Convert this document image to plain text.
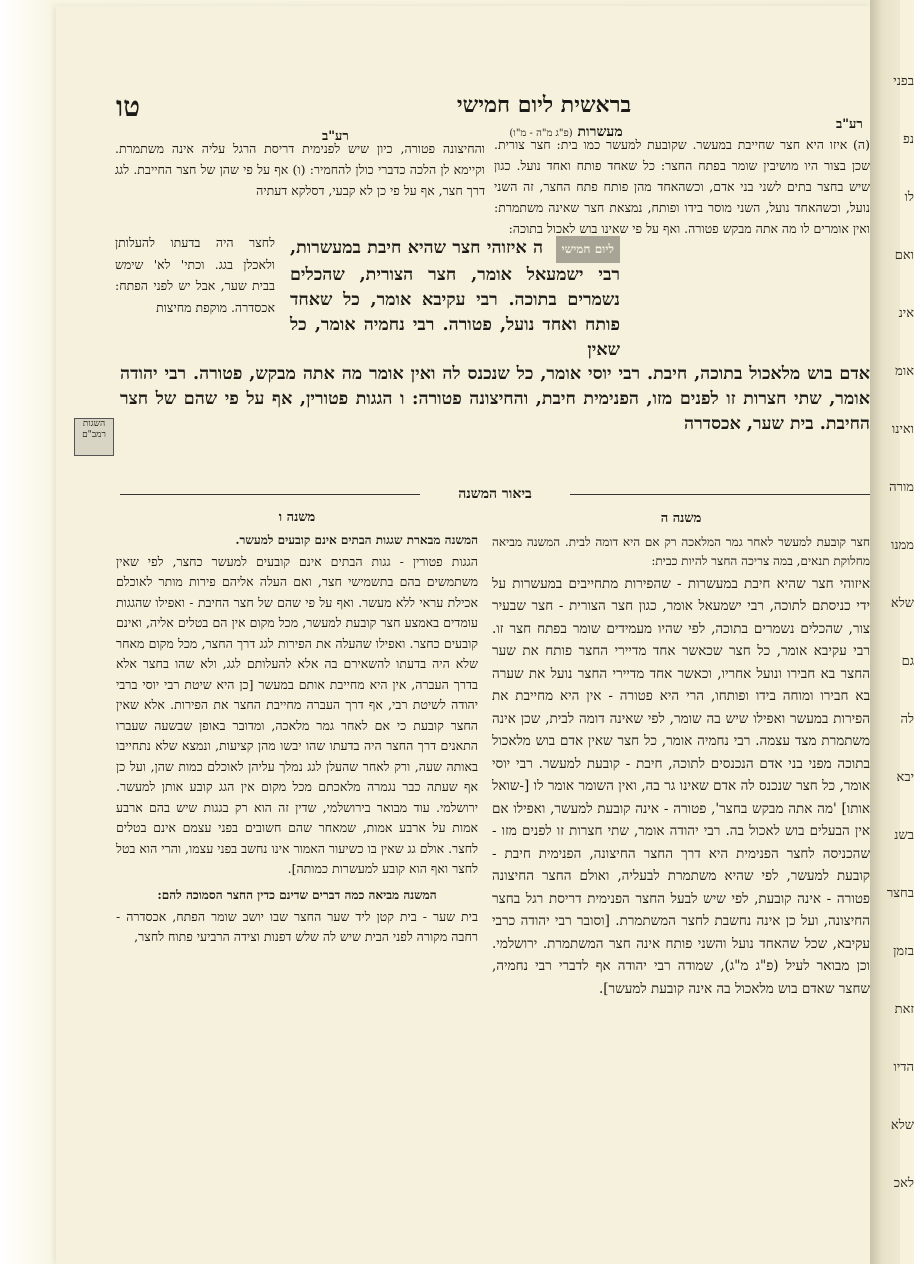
טו	בראשית ליום חמישי
מעשרות (פ"ג מ"ה - מ"ו)
רע"ב
רע"ב
(ה) איזו היא חצר שחייבת במעשר. שקובעת למעשר כמו בית: חצר צורית. שכן בצור היו מושיבין שומר בפתח החצר: כל שאחד פותח ואחד נועל. כגון שיש בחצר בתים לשני בני אדם, וכשהאחד מהן פותח פתח החצר, זה השני נועל, וכשהאחד נועל, השני מוסר בידו ופותח, נמצאת חצר שאינה משתמרת: ואין אומרים לו מה אתה מבקש פטורה. ואף על פי שאינו בוש לאכול בתוכה:
והחיצונה פטורה, כיון שיש לפנימית דריסת הרגל עליה אינה משתמרת. וקיימא לן הלכה כדברי כולן להחמיר: (ו) אף על פי שהן של חצר החייבת. לגג דרך חצר, אף על פי כן לא קבעי, דסלקא דעתיה
לחצר היה בדעתו להעלותן ולאכלן בגג. וכתי' לא' שימש בבית שער, אבל יש לפני הפתח: אכסדרה. מוקפת מחיצות
ליום חמישי ה איזוהי חצר שהיא חיבת במעשרות, רבי ישמעאל אומר, חצר הצורית, שהכלים נשמרים בתוכה. רבי עקיבא אומר, כל שאחד פותח ואחד נועל, פטורה. רבי נחמיה אומר, כל שאין
אדם בוש מלאכול בתוכה, חיבת. רבי יוסי אומר, כל שנכנס לה ואין אומר מה אתה מבקש, פטורה. רבי יהודה אומר, שתי חצרות זו לפנים מזו, הפנימית חיבת, והחיצונה פטורה: ו הגגות פטורין, אף על פי שהם של חצר החיבת. בית שער, אכסדרה
השגות רמב"ם
ביאור המשנה

משנה ה

חצר קובעת למעשר לאחר גמר המלאכה רק אם היא דומה לבית. המשנה מביאה מחלוקת תנאים, במה צריכה החצר להיות כבית:

איזוהי חצר שהיא חיבת במעשרות - שהפירות מתחייבים במעשרות על ידי כניסתם לתוכה, רבי ישמעאל אומר, כגון חצר הצורית - חצר שבעיר צור, שהכלים נשמרים בתוכה, לפי שהיו מעמידים שומר בפתח חצר זו. רבי עקיבא אומר, כל חצר שכאשר אחד מדיירי החצר פותח את שער החצר בא חבירו ונועל אחריו, וכאשר אחד מדיירי החצר נועל את שערה בא חבירו ומוחה בידו ופותחו, הרי היא פטורה - אין היא מחייבת את הפירות במעשר ואפילו שיש בה שומר, לפי שאינה דומה לבית, שכן אינה משתמרת מצד עצמה. רבי נחמיה אומר, כל חצר שאין אדם בוש מלאכול בתוכה מפני בני אדם הנכנסים לתוכה, חיבת - קובעת למעשר. רבי יוסי אומר, כל חצר שנכנס לה אדם שאינו גר בה, ואין השומר אומר לו [-שואל אותו] 'מה אתה מבקש בחצר', פטורה - אינה קובעת למעשר, ואפילו אם אין הבעלים בוש לאכול בה. רבי יהודה אומר, שתי חצרות זו לפנים מזו - שהכניסה לחצר הפנימית היא דרך החצר החיצונה, הפנימית חיבת - קובעת למעשר, לפי שהיא משתמרת לבעליה, ואולם החצר החיצונה פטורה - אינה קובעת, לפי שיש לבעל החצר הפנימית דריסת רגל בחצר החיצונה, ועל כן אינה נחשבת לחצר המשתמרת. [וסובר רבי יהודה כרבי עקיבא, שכל שהאחד נועל והשני פותח אינה חצר המשתמרת. ירושלמי. וכן מבואר לעיל (פ"ג מ"ג), שמודה רבי יהודה אף לדברי רבי נחמיה, שחצר שאדם בוש מלאכול בה אינה קובעת למעשר].

משנה ו

המשנה מבארת שגגות הבתים אינם קובעים למעשר.

הגגות פטורין - גגות הבתים אינם קובעים למעשר כחצר, לפי שאין משתמשים בהם בתשמישי חצר, ואם העלה אליהם פירות מותר לאוכלם אכילת עראי ללא מעשר. ואף על פי שהם של חצר החיבת - ואפילו שהגגות עומדים באמצע חצר קובעת למעשר, מכל מקום אין הם בטלים אליה, ואינם קובעים כחצר. ואפילו שהעלה את הפירות לגג דרך החצר, מכל מקום מאחר שלא היה בדעתו להשאירם בה אלא להעלותם לגג, ולא שהו בחצר אלא בדרך העברה, אין היא מחייבת אותם במעשר [כן היא שיטת רבי יוסי ברבי יהודה לשיטת רבי, אף דרך העברה מחייבת החצר את הפירות. אלא שאין החצר קובעת כי אם לאחר גמר מלאכה, ומדובר באופן שבשעה שעברו התאנים דרך החצר היה בדעתו שהו יבשו מהן קציעות, ונמצא שלא נתחייבו באותה שעה, ורק לאחר שהעלן לגג נמלך עליהן לאוכלם כמות שהן, ועל כן אף שעתה כבר נגמרה מלאכתם מכל מקום אין הגג קובע אותן למעשר. ירושלמי. עוד מבואר בירושלמי, שדין זה הוא רק בגגות שיש בהם ארבע אמות על ארבע אמות, שמאחר שהם חשובים בפני עצמם אינם בטלים לחצר. אולם גג שאין בו כשיעור האמור אינו נחשב בפני עצמו, והרי הוא בטל לחצר ואף הוא קובע למעשרות כמותה].

המשנה מביאה כמה דברים שדינם כדין החצר הסמוכה להם:

בית שער - בית קטן ליד שער החצר שבו יושב שומר הפתח, אכסדרה - רחבה מקורה לפני הבית שיש לה שלש דפנות וצידה הרביעי פתוח לחצר,

בפני
נפ
לו
ואם
אינ
אומ
ואינו
מורה
ממנו
שלא
גם
לה
יבא
בשנ
בחצר
בזמן
זאת
הדיו
שלא
לאכ
